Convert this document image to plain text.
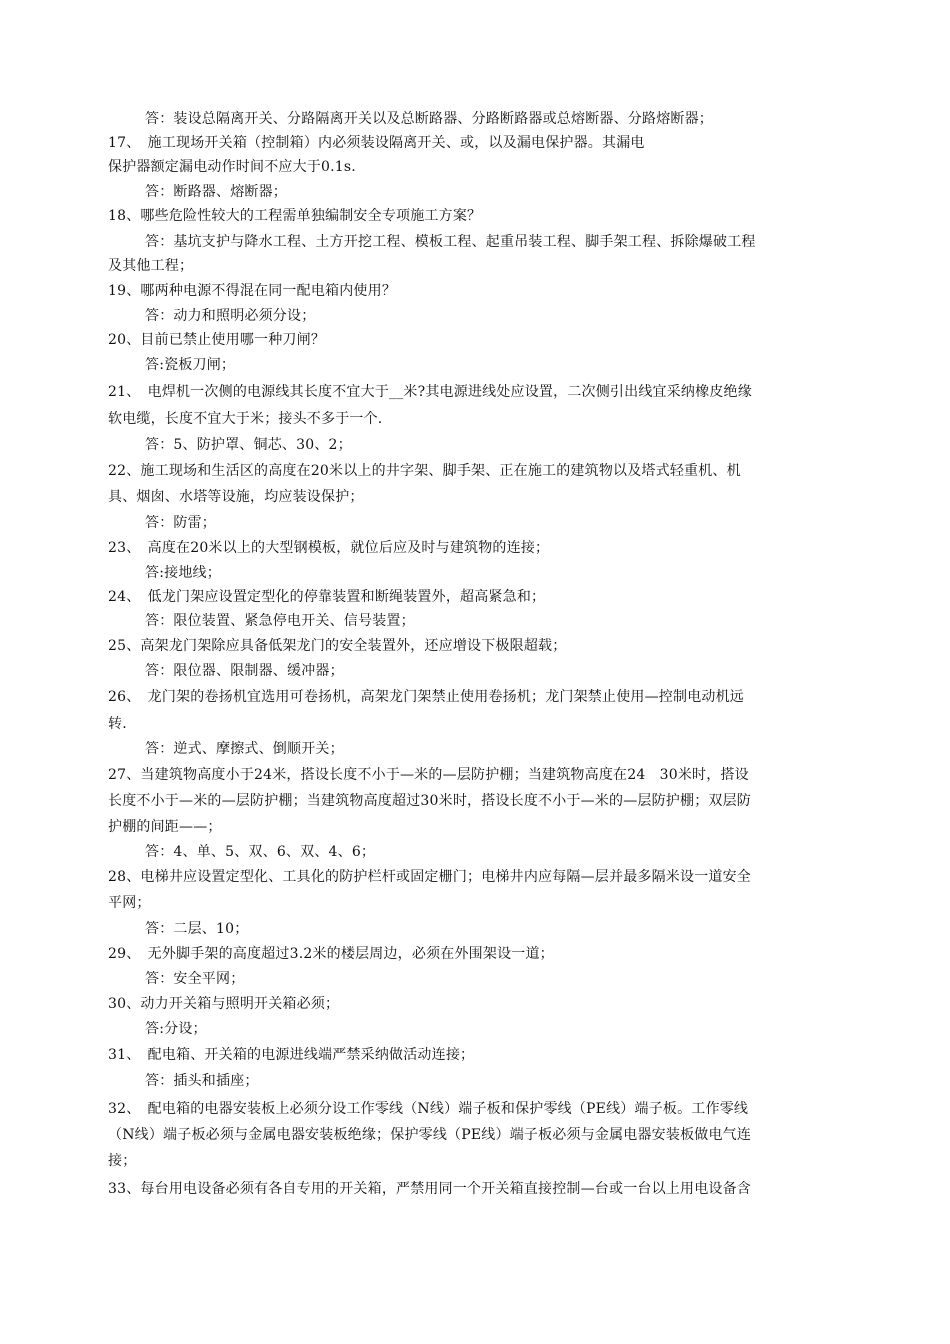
答：装设总隔离开关、分路隔离开关以及总断路器、分路断路器或总熔断器、分路熔断器；
17、　施工现场开关箱（控制箱）内必须装设隔离开关、或，以及漏电保护器。其漏电
保护器额定漏电动作时间不应大于0.1s.
答：断路器、熔断器；
18、哪些危险性较大的工程需单独编制安全专项施工方案？
答：基坑支护与降水工程、土方开挖工程、模板工程、起重吊装工程、脚手架工程、拆除爆破工程
及其他工程；
19、哪两种电源不得混在同一配电箱内使用？
答：动力和照明必须分设；
20、目前已禁止使用哪一种刀闸？
答:瓷板刀闸；
21、　电焊机一次侧的电源线其长度不宜大于__米?其电源进线处应设置，二次侧引出线宜采纳橡皮绝缘
软电缆，长度不宜大于米；接头不多于一个.
答：5、防护罩、铜芯、30、2；
22、施工现场和生活区的高度在20米以上的井字架、脚手架、正在施工的建筑物以及塔式轻重机、机
具、烟囱、水塔等设施，均应装设保护；
答：防雷；
23、　高度在20米以上的大型钢模板，就位后应及时与建筑物的连接；
答:接地线；
24、　低龙门架应设置定型化的停靠装置和断绳装置外，超高紧急和；
答：限位装置、紧急停电开关、信号装置；
25、高架龙门架除应具备低架龙门的安全装置外，还应增设下极限超载；
答：限位器、限制器、缓冲器；
26、　龙门架的卷扬机宜选用可卷扬机，高架龙门架禁止使用卷扬机；龙门架禁止使用—控制电动机远
转.
答：逆式、摩擦式、倒顺开关；
27、当建筑物高度小于24米，搭设长度不小于—米的—层防护棚；当建筑物高度在24　30米时，搭设
长度不小于—米的—层防护棚；当建筑物高度超过30米时，搭设长度不小于—米的—层防护棚；双层防
护棚的间距——；
答：4、单、5、双、6、双、4、6；
28、电梯井应设置定型化、工具化的防护栏杆或固定栅门；电梯井内应每隔—层并最多隔米设一道安全
平网；
答：二层、10；
29、　无外脚手架的高度超过3.2米的楼层周边，必须在外围架设一道；
答：安全平网；
30、动力开关箱与照明开关箱必须；
答:分设；
31、　配电箱、开关箱的电源进线端严禁采纳做活动连接；
答：插头和插座；
32、　配电箱的电器安装板上必须分设工作零线（N线）端子板和保护零线（PE线）端子板。工作零线
（N线）端子板必须与金属电器安装板绝缘；保护零线（PE线）端子板必须与金属电器安装板做电气连
接；
33、每台用电设备必须有各自专用的开关箱，严禁用同一个开关箱直接控制—台或一台以上用电设备含
